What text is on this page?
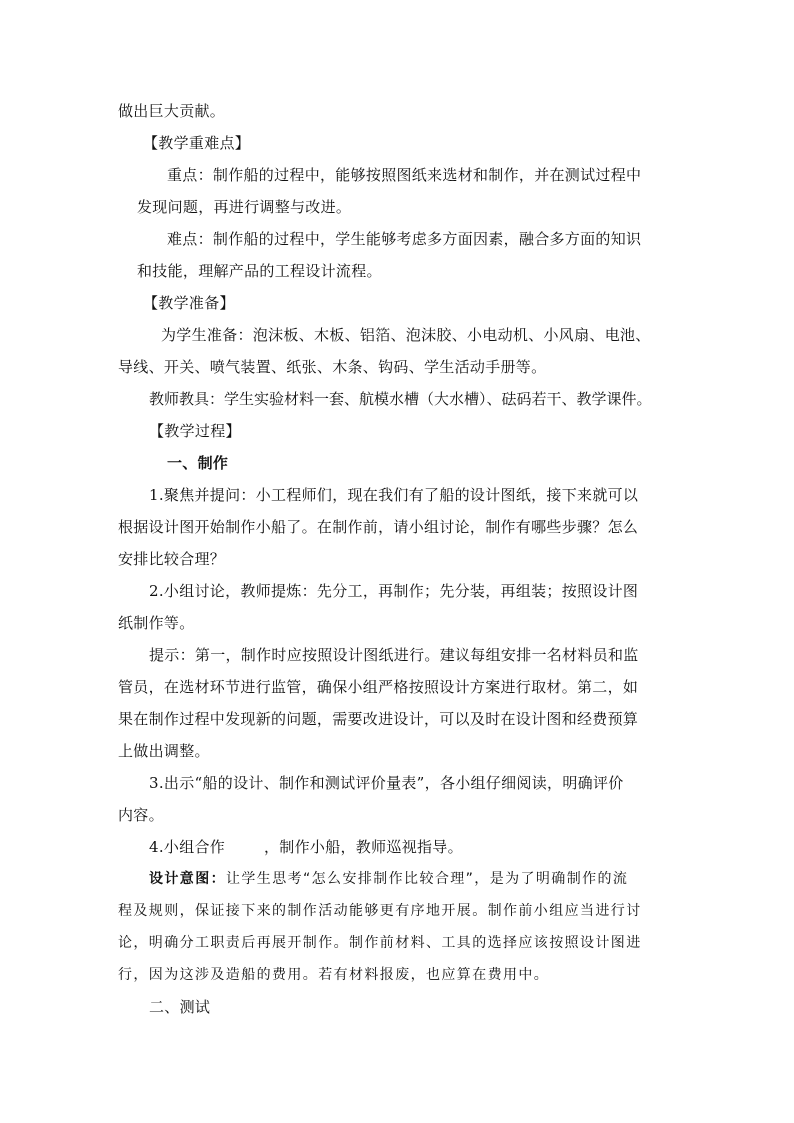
做出巨大贡献。
【教学重难点】
重点：制作船的过程中，能够按照图纸来选材和制作，并在测试过程中
发现问题，再进行调整与改进。
难点：制作船的过程中，学生能够考虑多方面因素，融合多方面的知识
和技能，理解产品的工程设计流程。
【教学准备】
为学生准备：泡沫板、木板、铝箔、泡沫胶、小电动机、小风扇、电池、
导线、开关、喷气装置、纸张、木条、钩码、学生活动手册等。
教师教具：学生实验材料一套、航模水槽（大水槽）、砝码若干、教学课件。
【教学过程】
一、制作
1.聚焦并提问：小工程师们，现在我们有了船的设计图纸，接下来就可以
根据设计图开始制作小船了。在制作前，请小组讨论，制作有哪些步骤？怎么
安排比较合理？
2.小组讨论，教师提炼：先分工，再制作；先分装，再组装；按照设计图
纸制作等。
提示：第一，制作时应按照设计图纸进行。建议每组安排一名材料员和监
管员，在选材环节进行监管，确保小组严格按照设计方案进行取材。第二，如
果在制作过程中发现新的问题，需要改进设计，可以及时在设计图和经费预算
上做出调整。
3.出示“船的设计、制作和测试评价量表”，各小组仔细阅读，明确评价
内容。
4.小组合作	，制作小船，教师巡视指导。
设计意图：让学生思考“怎么安排制作比较合理”，是为了明确制作的流
程及规则，保证接下来的制作活动能够更有序地开展。制作前小组应当进行讨
论，明确分工职责后再展开制作。制作前材料、工具的选择应该按照设计图进
行，因为这涉及造船的费用。若有材料报废，也应算在费用中。
二、测试
